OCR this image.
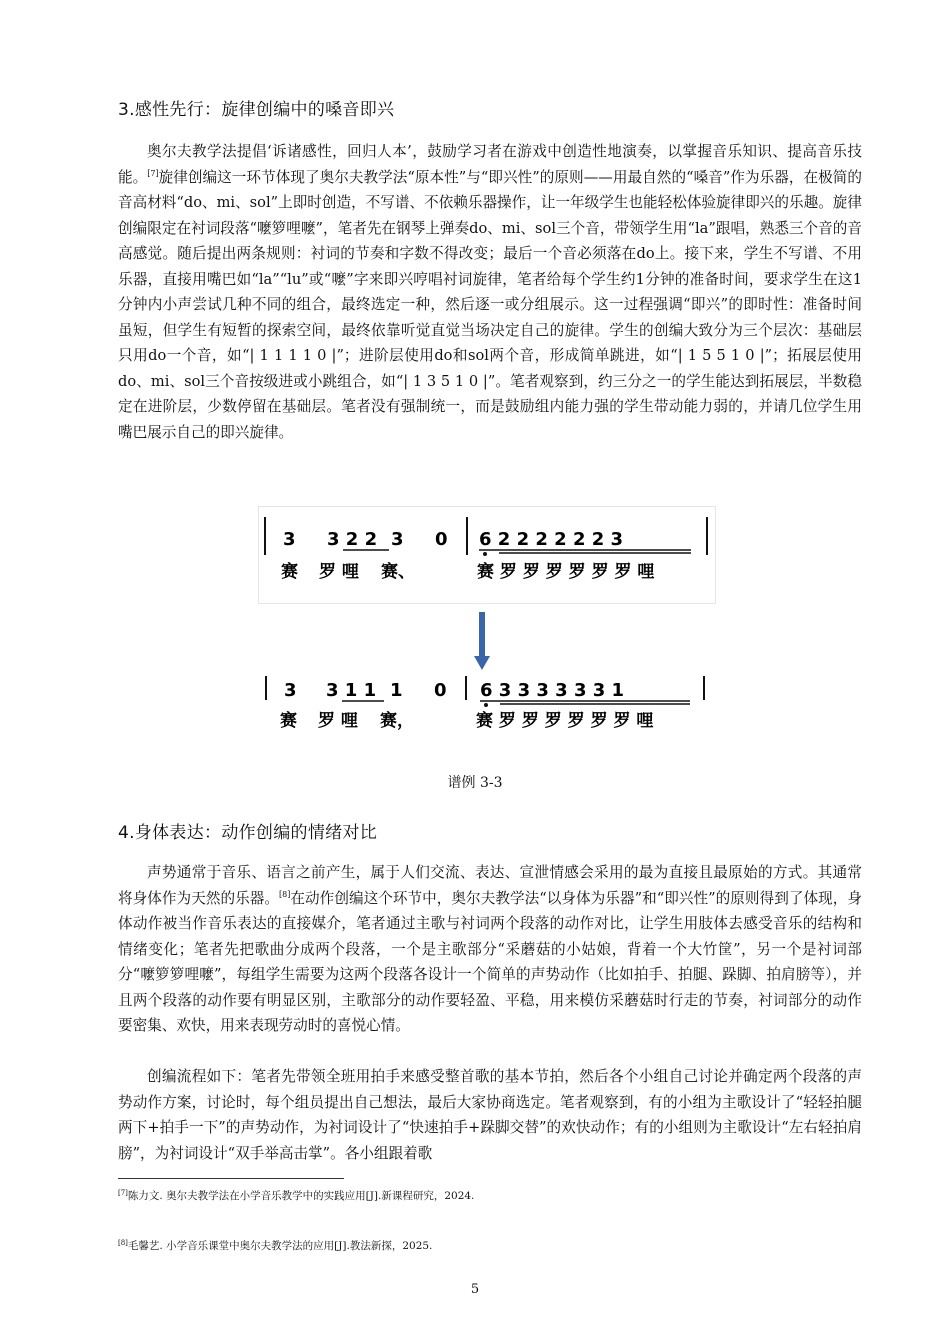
3.感性先行：旋律创编中的嗓音即兴

奥尔夫教学法提倡‘诉诸感性，回归人本’，鼓励学习者在游戏中创造性地演奏，以掌握音乐知识、提高音乐技能。[7]旋律创编这一环节体现了奥尔夫教学法“原本性”与“即兴性”的原则——用最自然的“嗓音”作为乐器，在极简的音高材料“do、mi、sol”上即时创造，不写谱、不依赖乐器操作，让一年级学生也能轻松体验旋律即兴的乐趣。旋律创编限定在衬词段落“嚒箩哩嚒”，笔者先在钢琴上弹奏do、mi、sol三个音，带领学生用“la”跟唱，熟悉三个音的音高感觉。随后提出两条规则：衬词的节奏和字数不得改变；最后一个音必须落在do上。接下来，学生不写谱、不用乐器，直接用嘴巴如“la”“lu”或“嚒”字来即兴哼唱衬词旋律，笔者给每个学生约1分钟的准备时间，要求学生在这1分钟内小声尝试几种不同的组合，最终选定一种，然后逐一或分组展示。这一过程强调“即兴”的即时性：准备时间虽短，但学生有短暂的探索空间，最终依靠听觉直觉当场决定自己的旋律。学生的创编大致分为三个层次：基础层只用do一个音，如“| 1 1 1 1 0 |”；进阶层使用do和sol两个音，形成简单跳进，如“| 1 5 5 1 0 |”；拓展层使用do、mi、sol三个音按级进或小跳组合，如“| 1 3 5 1 0 |”。笔者观察到，约三分之一的学生能达到拓展层，半数稳定在进阶层，少数停留在基础层。笔者没有强制统一，而是鼓励组内能力强的学生带动能力弱的，并请几位学生用嘴巴展示自己的即兴旋律。

3 3 2 2 3 0 6 2 2 2 2 2 2 3
赛 罗 哩 赛、	赛 罗 罗 罗 罗 罗 罗 哩
3 3 1 1 1 0 6 3 3 3 3 3 3 1
赛 罗 哩 赛，	赛 罗 罗 罗 罗 罗 罗 哩
谱例 3-3
4.身体表达：动作创编的情绪对比

声势通常于音乐、语言之前产生，属于人们交流、表达、宣泄情感会采用的最为直接且最原始的方式。其通常将身体作为天然的乐器。[8]在动作创编这个环节中，奥尔夫教学法“以身体为乐器”和“即兴性”的原则得到了体现，身体动作被当作音乐表达的直接媒介，笔者通过主歌与衬词两个段落的动作对比，让学生用肢体去感受音乐的结构和情绪变化；笔者先把歌曲分成两个段落，一个是主歌部分“采蘑菇的小姑娘，背着一个大竹筐”，另一个是衬词部分“嚒箩箩哩嚒”，每组学生需要为这两个段落各设计一个简单的声势动作（比如拍手、拍腿、跺脚、拍肩膀等），并且两个段落的动作要有明显区别，主歌部分的动作要轻盈、平稳，用来模仿采蘑菇时行走的节奏，衬词部分的动作要密集、欢快，用来表现劳动时的喜悦心情。

创编流程如下：笔者先带领全班用拍手来感受整首歌的基本节拍，然后各个小组自己讨论并确定两个段落的声势动作方案，讨论时，每个组员提出自己想法，最后大家协商选定。笔者观察到，有的小组为主歌设计了“轻轻拍腿两下+拍手一下”的声势动作，为衬词设计了“快速拍手+跺脚交替”的欢快动作；有的小组则为主歌设计“左右轻拍肩膀”，为衬词设计“双手举高击掌”。各小组跟着歌

[7]陈力文. 奥尔夫教学法在小学音乐教学中的实践应用[J].新课程研究，2024.
[8]毛馨艺. 小学音乐课堂中奥尔夫教学法的应用[J].教法新探，2025.
5
